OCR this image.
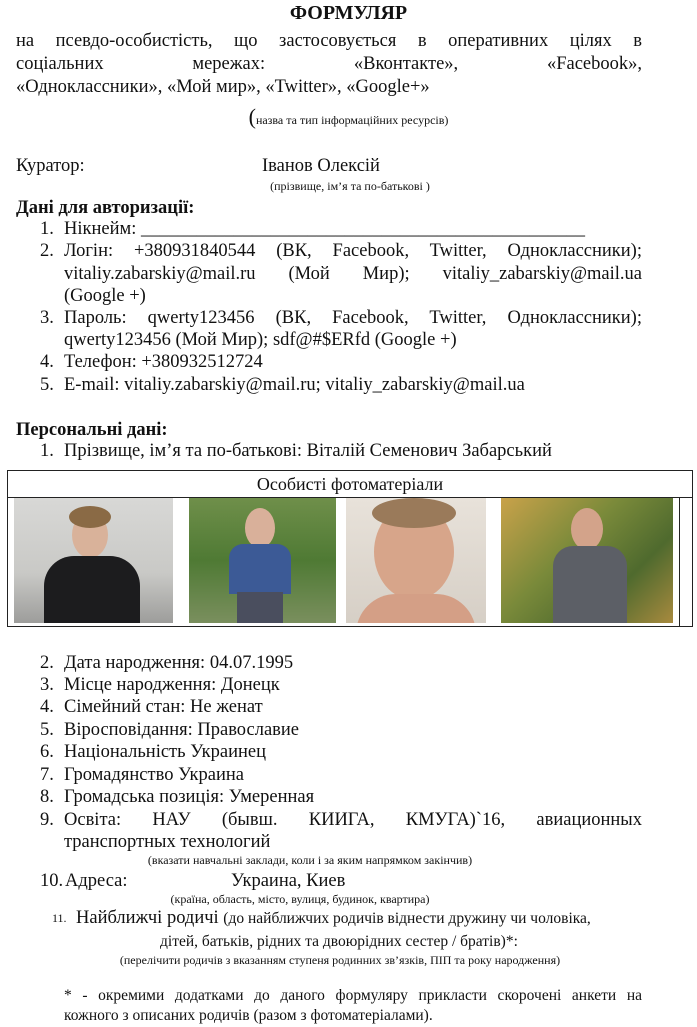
ФОРМУЛЯР
на псевдо-особистість, що застосовується в оперативних цілях в
соціальних мережах: «Вконтакте», «Facebook»,
«Одноклассники», «Мой мир», «Twitter», «Google+»
(назва та тип інформаційних ресурсів)
Куратор:	Іванов Олексій
(прізвище, ім’я та по-батькові )
Дані для авторизації:
1. Нікнейм: ________________________________________________
2. Логін: +380931840544 (ВК, Facebook, Twitter, Одноклассники);
vitaliy.zabarskiy@mail.ru (Мой Мир); vitaliy_zabarskiy@mail.ua
(Google +)
3. Пароль: qwerty123456 (ВК, Facebook, Twitter, Одноклассники);
qwerty123456 (Мой Мир); sdf@#$ERfd (Google +)
4. Телефон: +380932512724
5. E-mail: vitaliy.zabarskiy@mail.ru; vitaliy_zabarskiy@mail.ua
Персональні дані:
1. Прізвище, ім’я та по-батькові: Віталій Семенович Забарський
Особисті фотоматеріали
2. Дата народження: 04.07.1995
3. Місце народження: Донецк
4. Сімейний стан: Не женат
5. Віросповідання: Православие
6. Національність Украинец
7. Громадянство Украина
8. Громадська позиція: Умеренная
9. Освіта: НАУ (бывш. КИИГА, КМУГА)`16, авиационных
транспортных технологий
(вказати навчальні заклади, коли і за яким напрямком закінчив)
10. Адреса:	Украина, Киев
(країна, область, місто, вулиця, будинок, квартира)
11. Найближчі родичі (до найближчих родичів віднести дружину чи чоловіка,
дітей, батьків, рідних та двоюрідних сестер / братів)*:
(перелічити родичів з вказанням ступеня родинних зв’язків, ПІП та року народження)
* - окремими додатками до даного формуляру прикласти скорочені анкети на
кожного з описаних родичів (разом з фотоматеріалами).
